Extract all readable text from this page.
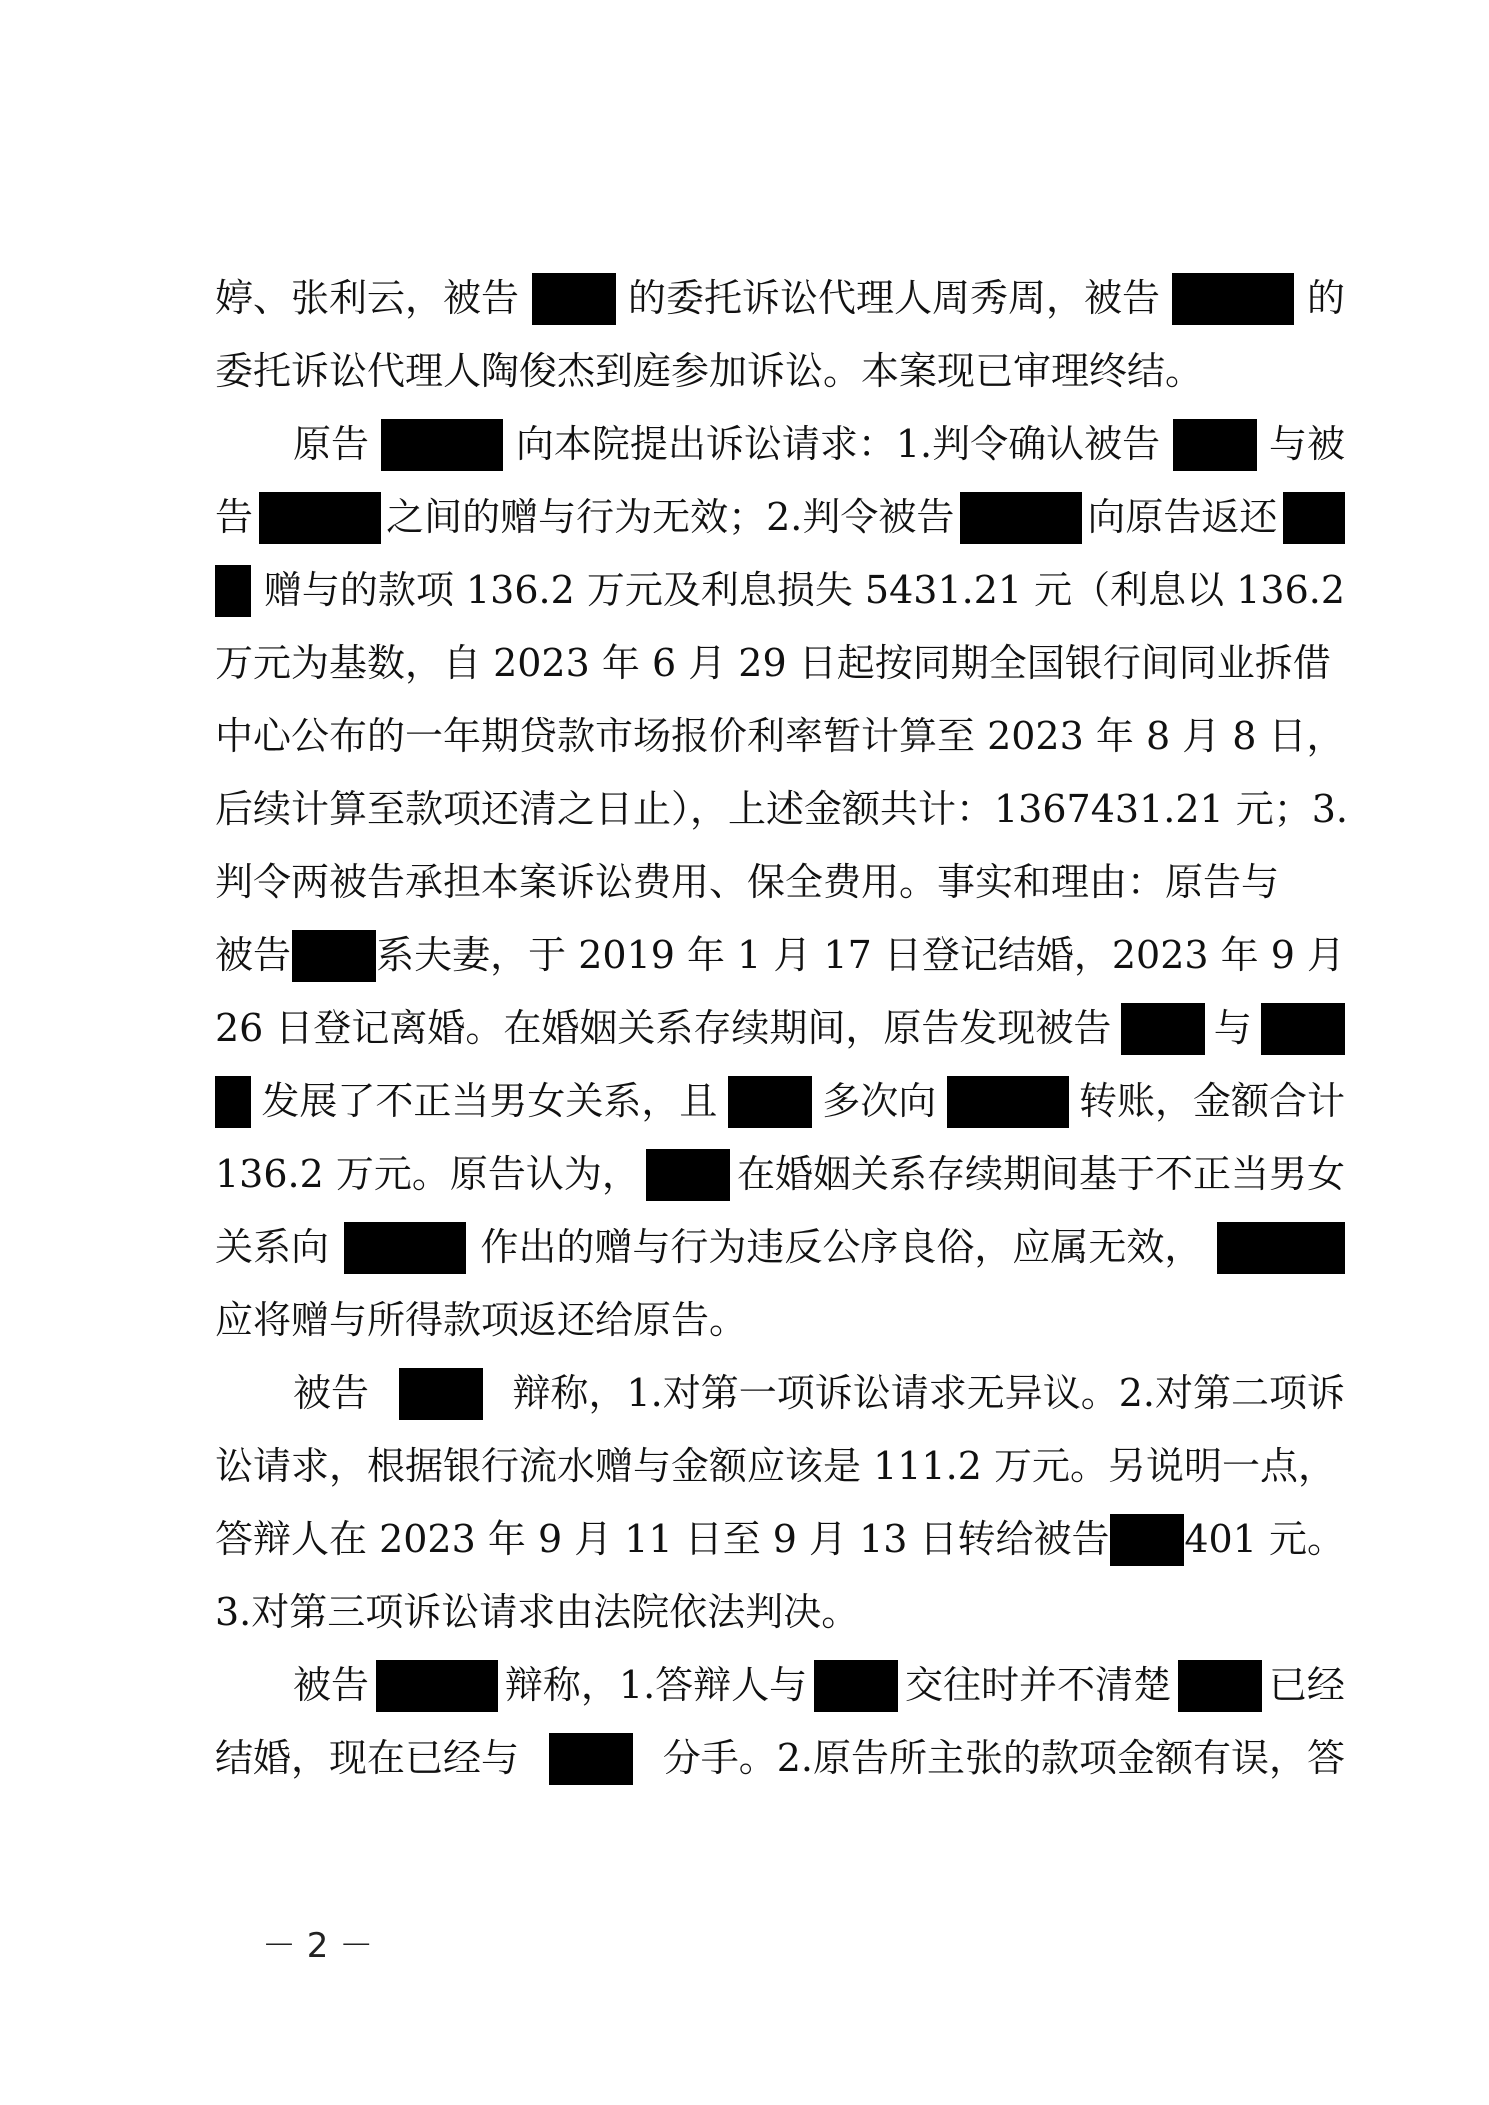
婷、张利云，被告	的委托诉讼代理人周秀周，被告	的
委托诉讼代理人陶俊杰到庭参加诉讼。本案现已审理终结。
原告	向本院提出诉讼请求：1.判令确认被告	与被
告	之间的赠与行为无效；2.判令被告	向原告返还
赠与的款项 136.2 万元及利息损失 5431.21 元（利息以 136.2
万元为基数，自 2023 年 6 月 29 日起按同期全国银行间同业拆借
中心公布的一年期贷款市场报价利率暂计算至 2023 年 8 月 8 日，
后续计算至款项还清之日止），上述金额共计：1367431.21 元；3.
判令两被告承担本案诉讼费用、保全费用。事实和理由：原告与
被告 系夫妻，于 2019 年 1 月 17 日登记结婚，2023 年 9 月
26 日登记离婚。在婚姻关系存续期间，原告发现被告	与
发展了不正当男女关系，且	多次向	转账，金额合计
136.2 万元。原告认为，	在婚姻关系存续期间基于不正当男女
关系向	作出的赠与行为违反公序良俗，应属无效，
应将赠与所得款项返还给原告。
被告	辩称，1.对第一项诉讼请求无异议。2.对第二项诉
讼请求，根据银行流水赠与金额应该是 111.2 万元。另说明一点，
答辩人在 2023 年 9 月 11 日至 9 月 13 日转给被告 401 元。
3.对第三项诉讼请求由法院依法判决。
被告	辩称，1.答辩人与	交往时并不清楚	已经
结婚，现在已经与	分手。2.原告所主张的款项金额有误，答
－ 2 －
